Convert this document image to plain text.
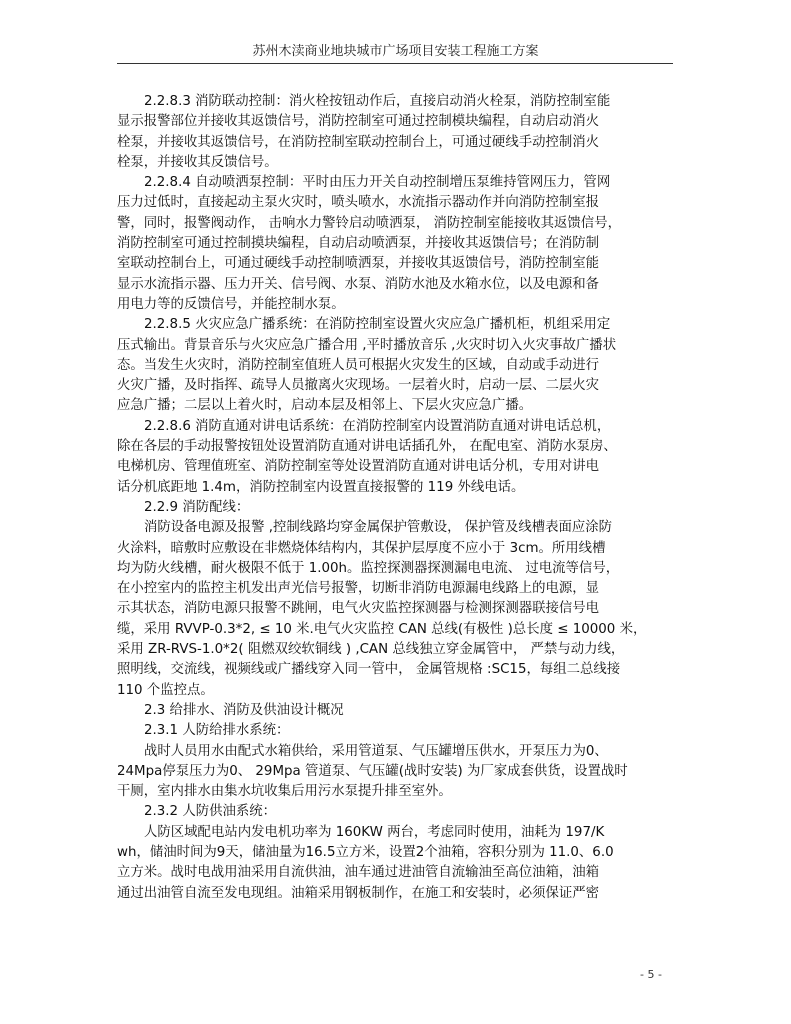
苏州木渎商业地块城市广场项目安装工程施工方案
2.2.8.3 消防联动控制：消火栓按钮动作后，直接启动消火栓泵，消防控制室能
显示报警部位并接收其返馈信号，消防控制室可通过控制模块编程，自动启动消火
栓泵，并接收其返馈信号，在消防控制室联动控制台上，可通过硬线手动控制消火
栓泵，并接收其反馈信号。
2.2.8.4 自动喷洒泵控制：平时由压力开关自动控制增压泵维持管网压力，管网
压力过低时，直接起动主泵火灾时，喷头喷水，水流指示器动作并向消防控制室报
警，同时，报警阀动作， 击响水力警铃启动喷洒泵， 消防控制室能接收其返馈信号，
消防控制室可通过控制摸块编程，自动启动喷洒泵，并接收其返馈信号；在消防制
室联动控制台上，可通过硬线手动控制喷洒泵，并接收其返馈信号，消防控制室能
显示水流指示器、压力开关、信号阀、水泵、消防水池及水箱水位，以及电源和备
用电力等的反馈信号，并能控制水泵。
2.2.8.5 火灾应急广播系统：在消防控制室设置火灾应急广播机柜，机组采用定
压式输出。背景音乐与火灾应急广播合用 ,平时播放音乐 ,火灾时切入火灾事故广播状
态。当发生火灾时，消防控制室值班人员可根据火灾发生的区域，自动或手动进行
火灾广播，及时指挥、疏导人员撤离火灾现场。一层着火时，启动一层、二层火灾
应急广播；二层以上着火时，启动本层及相邻上、下层火灾应急广播。
2.2.8.6 消防直通对讲电话系统：在消防控制室内设置消防直通对讲电话总机，
除在各层的手动报警按钮处设置消防直通对讲电话插孔外， 在配电室、消防水泵房、
电梯机房、管理值班室、消防控制室等处设置消防直通对讲电话分机，专用对讲电
话分机底距地 1.4m，消防控制室内设置直接报警的 119 外线电话。
2.2.9 消防配线：
消防设备电源及报警 ,控制线路均穿金属保护管敷设， 保护管及线槽表面应涂防
火涂料，暗敷时应敷设在非燃烧体结构内，其保护层厚度不应小于 3cm。所用线槽
均为防火线槽，耐火极限不低于 1.00h。监控探测器探测漏电电流、 过电流等信号，
在小控室内的监控主机发出声光信号报警，切断非消防电源漏电线路上的电源，显
示其状态，消防电源只报警不跳闸，电气火灾监控探测器与检测探测器联接信号电
缆，采用 RVVP-0.3*2, ≤ 10 米.电气火灾监控 CAN 总线(有极性 )总长度 ≤ 10000 米，
采用 ZR-RVS-1.0*2( 阻燃双绞软铜线 ) ,CAN 总线独立穿金属管中， 严禁与动力线，
照明线，交流线，视频线或广播线穿入同一管中， 金属管规格 :SC15，每组二总线接
110 个监控点。
2.3 给排水、消防及供油设计概况
2.3.1 人防给排水系统：
战时人员用水由配式水箱供给，采用管道泵、气压罐增压供水，开泵压力为0、
24Mpa停泵压力为0、 29Mpa 管道泵、气压罐(战时安装) 为厂家成套供货，设置战时
干厕，室内排水由集水坑收集后用污水泵提升排至室外。
2.3.2 人防供油系统：
人防区域配电站内发电机功率为 160KW 两台，考虑同时使用，油耗为 197/K
wh，储油时间为9天，储油量为16.5立方米，设置2个油箱，容积分别为 11.0、6.0
立方米。战时电战用油采用自流供油，油车通过进油管自流输油至高位油箱，油箱
通过出油管自流至发电现组。油箱采用钢板制作，在施工和安装时，必须保证严密
- 5 -
